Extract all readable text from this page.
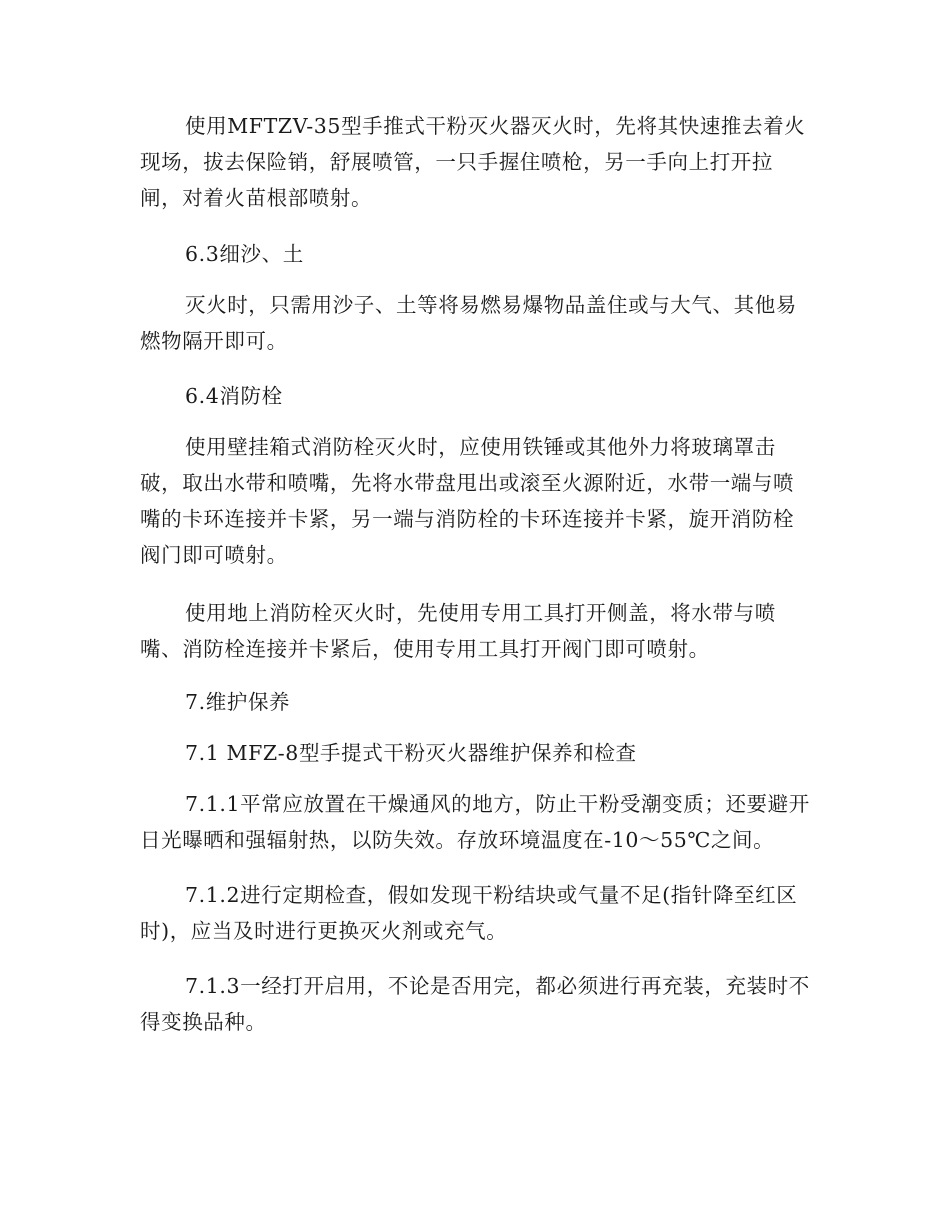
使用MFTZV-35型手推式干粉灭火器灭火时，先将其快速推去着火现场，拔去保险销，舒展喷管，一只手握住喷枪，另一手向上打开拉闸，对着火苗根部喷射。

6.3细沙、土

灭火时，只需用沙子、土等将易燃易爆物品盖住或与大气、其他易燃物隔开即可。

6.4消防栓

使用壁挂箱式消防栓灭火时，应使用铁锤或其他外力将玻璃罩击破，取出水带和喷嘴，先将水带盘甩出或滚至火源附近，水带一端与喷嘴的卡环连接并卡紧，另一端与消防栓的卡环连接并卡紧，旋开消防栓阀门即可喷射。

使用地上消防栓灭火时，先使用专用工具打开侧盖，将水带与喷嘴、消防栓连接并卡紧后，使用专用工具打开阀门即可喷射。

7.维护保养

7.1 MFZ-8型手提式干粉灭火器维护保养和检查

7.1.1平常应放置在干燥通风的地方，防止干粉受潮变质；还要避开日光曝晒和强辐射热，以防失效。存放环境温度在-10～55℃之间。

7.1.2进行定期检查，假如发现干粉结块或气量不足(指针降至红区时)，应当及时进行更换灭火剂或充气。

7.1.3一经打开启用，不论是否用完，都必须进行再充装，充装时不得变换品种。
